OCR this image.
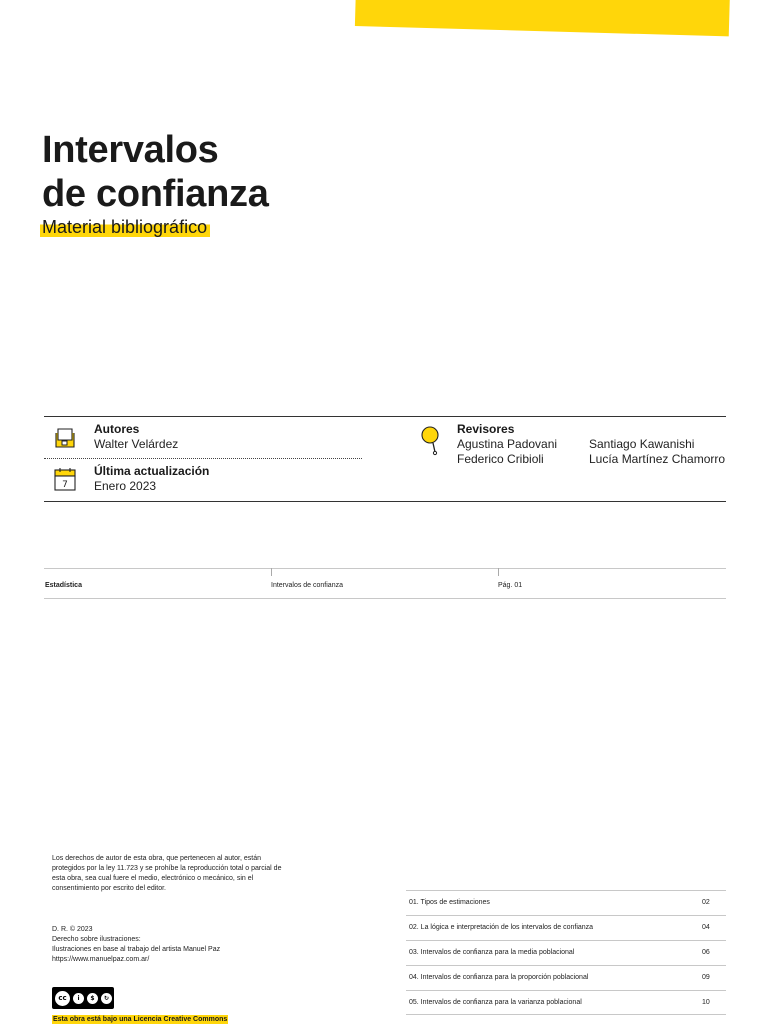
Intervalos
de confianza
Material bibliográfico
Autores
Walter Velárdez
7
Última actualización
Enero 2023
Revisores
Agustina Padovani	Santiago Kawanishi
Federico Cribioli	Lucía Martínez Chamorro
Estadística	Intervalos de confianza	Pág. 01
Los derechos de autor de esta obra, que pertenecen al autor, están protegidos por la ley 11.723 y se prohíbe la reproducción total o parcial de esta obra, sea cual fuere el medio, electrónico o mecánico, sin el consentimiento por escrito del editor.
D. R. © 2023
Derecho sobre ilustraciones:
Ilustraciones en base al trabajo del artista Manuel Paz
https://www.manuelpaz.com.ar/
cc	i	$	↻
Esta obra está bajo una Licencia Creative Commons
01. Tipos de estimaciones	02
02. La lógica e interpretación de los intervalos de confianza	04
03. Intervalos de confianza para la media poblacional	06
04. Intervalos de confianza para la proporción poblacional	09
05. Intervalos de confianza para la varianza poblacional	10
